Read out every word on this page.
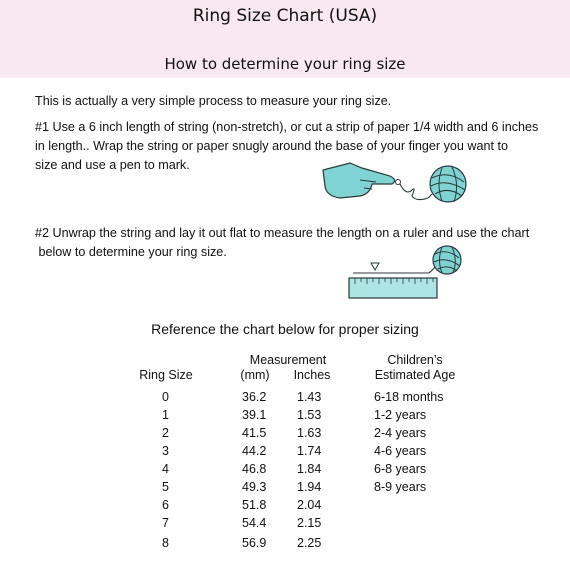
Ring Size Chart (USA)
How to determine your ring size

This is actually a very simple process to measure your ring size.

#1 Use a 6 inch length of string (non-stretch), or cut a strip of paper 1/4 width and 6 inches
in length.. Wrap the string or paper snugly around the base of your finger you want to
size and use a pen to mark.

#2 Unwrap the string and lay it out flat to measure the length on a ruler and use the chart
below to determine your ring size.

Reference the chart below for proper sizing
Ring Size
Measurement
(mm)	Inches
Children’s
Estimated Age
0	36.2 1.43	6-18 months
1	39.1 1.53	1-2 years
2	41.5 1.63	2-4 years
3	44.2 1.74	4-6 years
4	46.8 1.84	6-8 years
5	49.3 1.94	8-9 years
6	51.8 2.04
7	54.4 2.15
8	56.9 2.25
